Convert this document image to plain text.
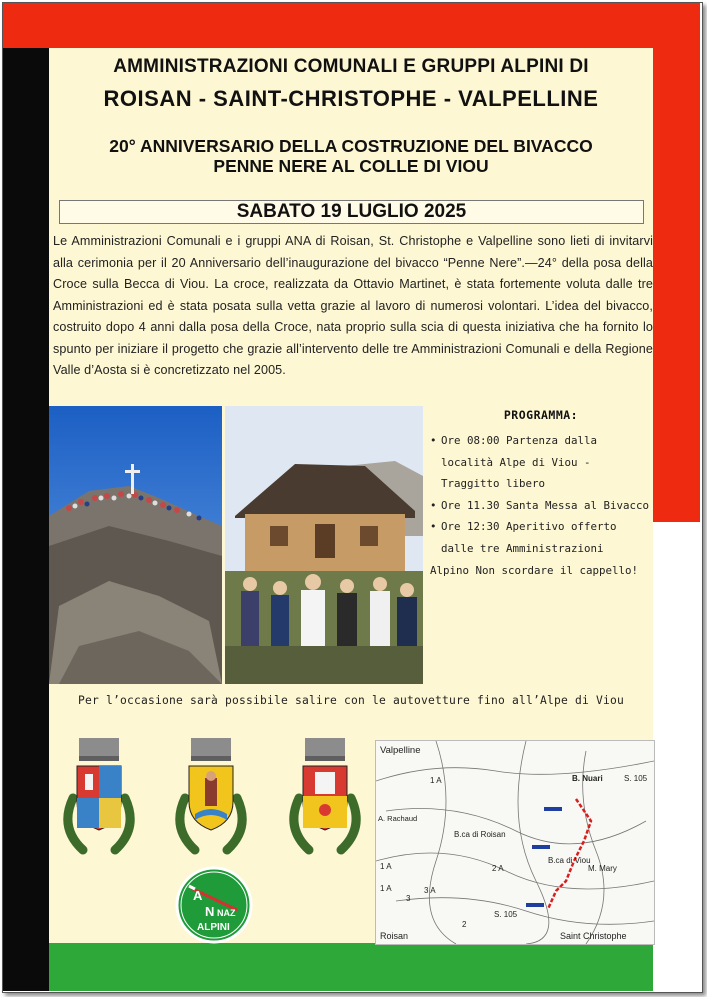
AMMINISTRAZIONI COMUNALI E GRUPPI ALPINI DI
ROISAN - SAINT-CHRISTOPHE - VALPELLINE
20° ANNIVERSARIO DELLA COSTRUZIONE DEL BIVACCO
PENNE NERE AL COLLE DI VIOU
SABATO 19 LUGLIO 2025
Le Amministrazioni Comunali e i gruppi ANA di Roisan, St. Christophe e Valpelline sono lieti di invitarvi alla cerimonia per il 20 Anniversario dell’inaugurazione del bivacco “Penne Nere”.—24° della posa della Croce sulla Becca di Viou. La croce, realizzata da Ottavio Martinet, è stata fortemente voluta dalle tre Amministrazioni ed è stata posata sulla vetta grazie al lavoro di numerosi volontari. L’idea del bivacco, costruito dopo 4 anni dalla posa della Croce, nata proprio sulla scia di questa iniziativa che ha fornito lo spunto per iniziare il progetto che grazie all’intervento delle tre Amministrazioni Comunali e della Regione Valle d’Aosta si è concretizzato nel 2005.
PROGRAMMA:
• Ore 08:00 Partenza dalla località Alpe di Viou - Traggitto libero
• Ore 11.30 Santa Messa al Bivacco
• Ore 12:30 Aperitivo offerto dalle tre Amministrazioni
Alpino Non scordare il cappello!
Per l’occasione sarà possibile salire con le autovetture fino all’Alpe di Viou
A
N NAZ
ALPINI
Valpelline
B. Nuari	S. 105
1 A
A. Rachaud
B.ca di Roisan
B.ca di Viou
M. Mary
1 A	2 A
3 A
1 A
S. 105
2
3
Roisan	Saint Christophe
